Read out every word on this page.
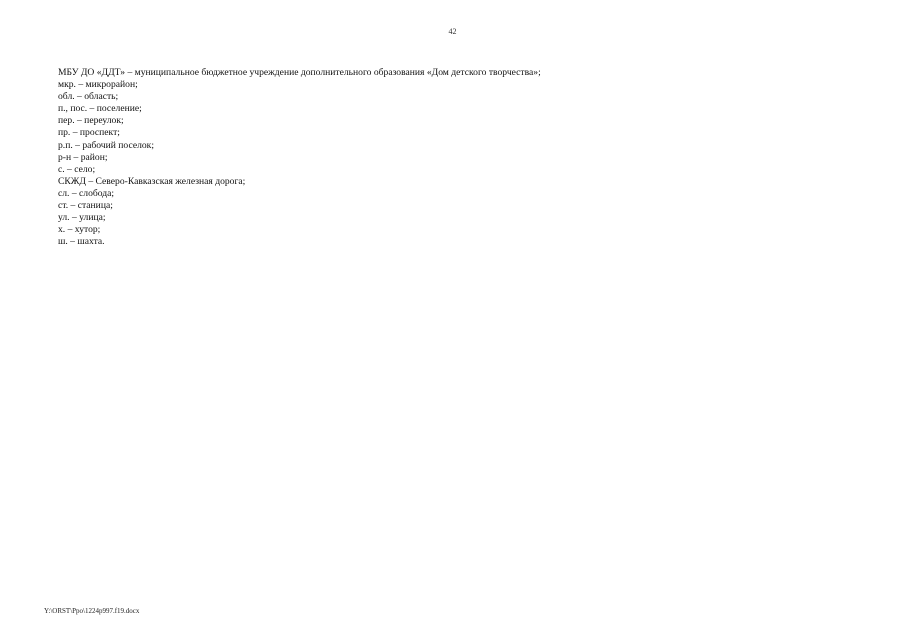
42
МБУ ДО «ДДТ» – муниципальное бюджетное учреждение дополнительного образования «Дом детского творчества»;
мкр. – микрорайон;
обл. – область;
п., пос. – поселение;
пер. – переулок;
пр. – проспект;
р.п. – рабочий поселок;
р-н – район;
с. – село;
СКЖД – Северо-Кавказская железная дорога;
сл. – слобода;
ст. – станица;
ул. – улица;
х. – хутор;
ш. – шахта.
Y:\ORST\Ppo\1224p997.f19.docx
